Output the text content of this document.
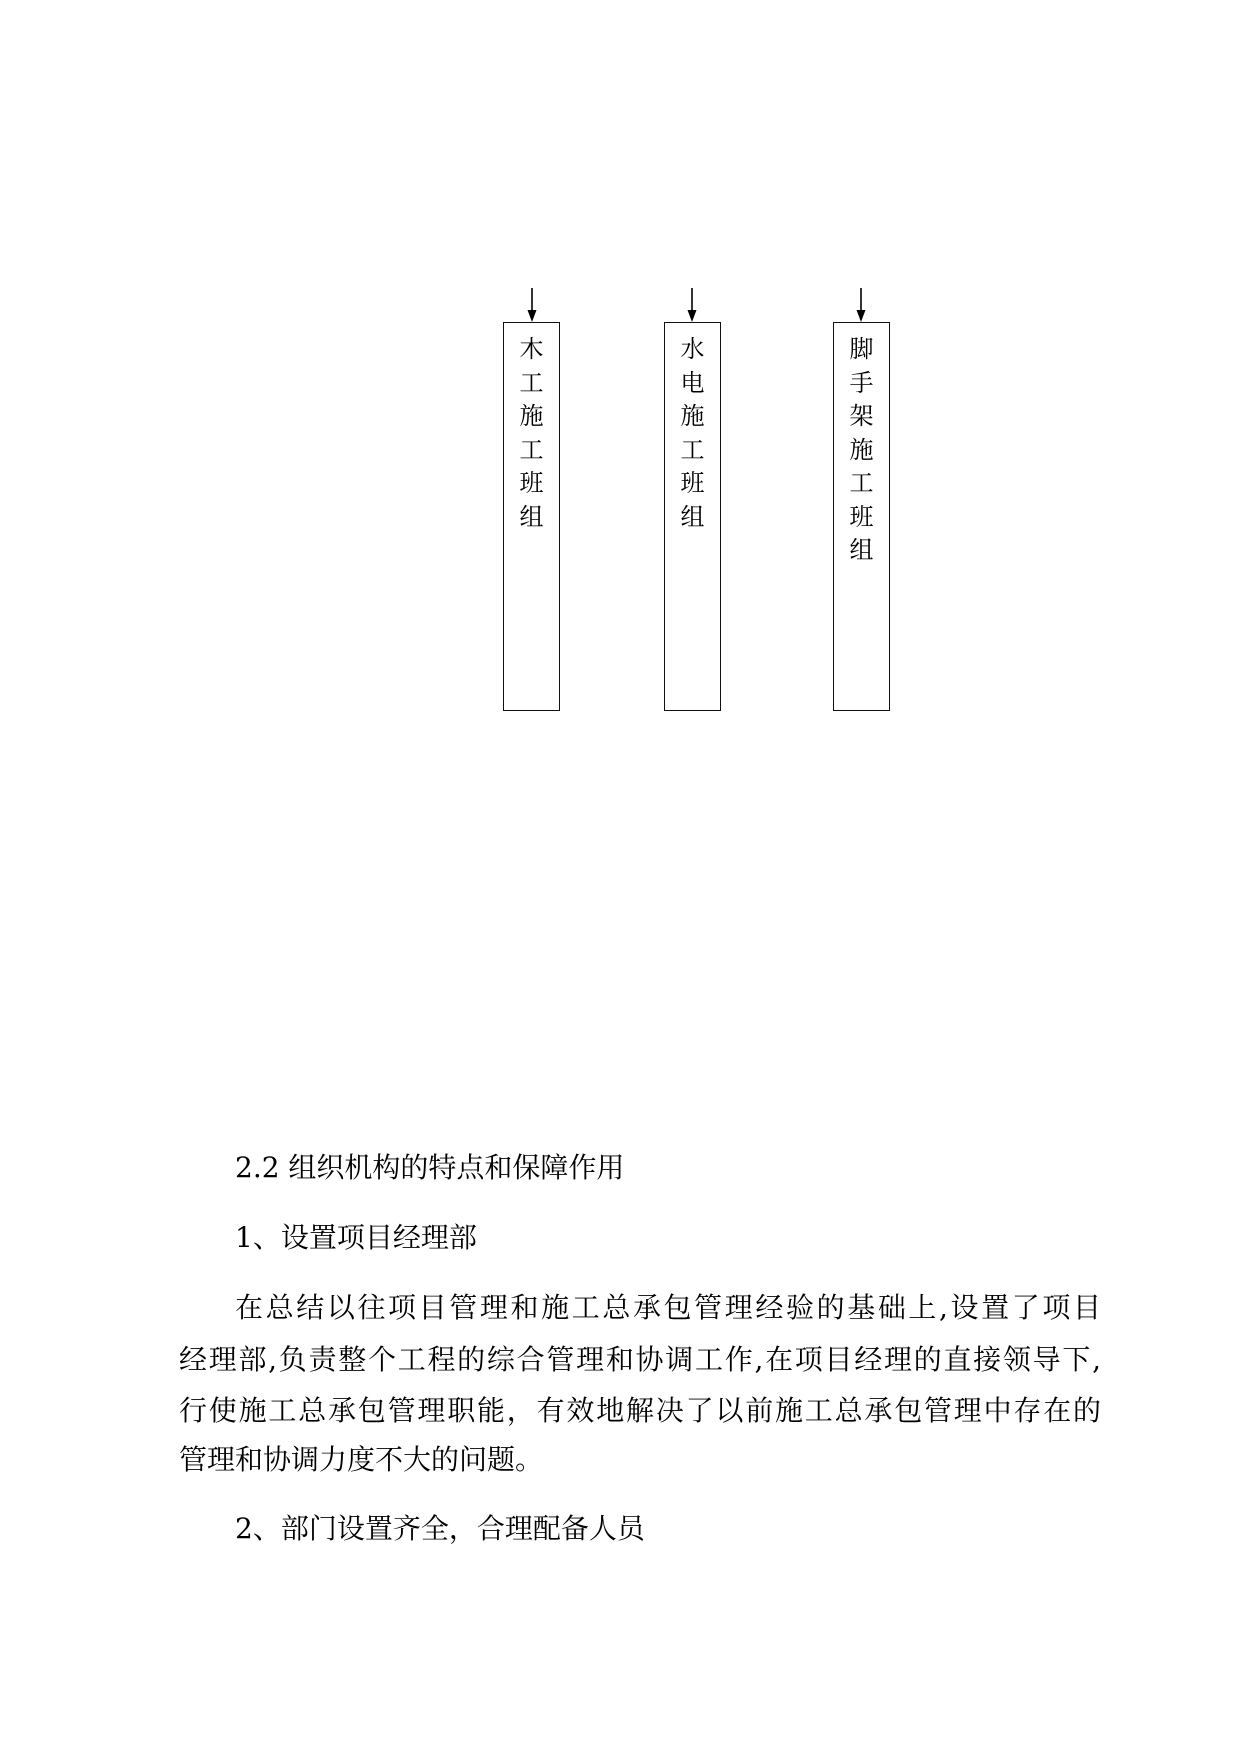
木工施工班组
水电施工班组
脚手架施工班组
2.2 组织机构的特点和保障作用
1、设置项目经理部
在总结以往项目管理和施工总承包管理经验的基础上,设置了项目
经理部,负责整个工程的综合管理和协调工作,在项目经理的直接领导下,
行使施工总承包管理职能，有效地解决了以前施工总承包管理中存在的
管理和协调力度不大的问题。
2、部门设置齐全，合理配备人员
